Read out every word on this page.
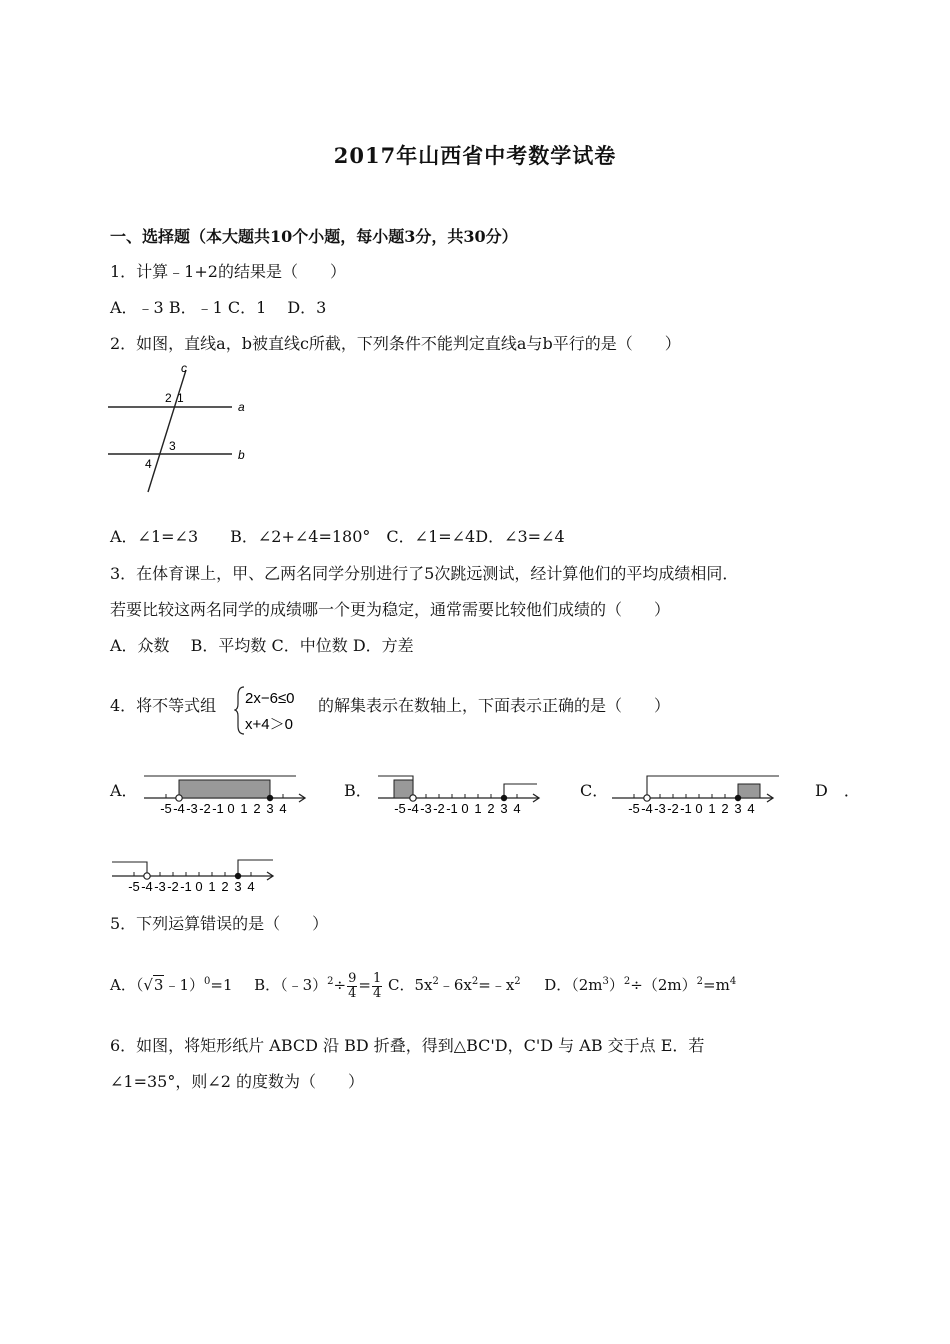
2017年山西省中考数学试卷
一、选择题（本大题共10个小题，每小题3分，共30分）
1．计算﹣1+2的结果是（　　）
A．﹣3 B．﹣1 C．1　 D．3
2．如图，直线a，b被直线c所截，下列条件不能判定直线a与b平行的是（　　）
c
a
b
2 1
3
4
A．∠1=∠3　　B．∠2+∠4=180°　C．∠1=∠4D．∠3=∠4
3．在体育课上，甲、乙两名同学分别进行了5次跳远测试，经计算他们的平均成绩相同．
若要比较这两名同学的成绩哪一个更为稳定，通常需要比较他们成绩的（　　）
A．众数　 B．平均数 C．中位数 D．方差
4．将不等式组 2x−6≤0
x+4＞0
的解集表示在数轴上，下面表示正确的是（　　）
A．	B．	C．	D　．
-5 -4 -3 -2 -1 0 1 2 3 4	-5 -4 -3 -2 -1 0 1 2 3 4	-5 -4 -3 -2 -1 0 1 2 3 4
-5 -4 -3 -2 -1 0 1 2 3 4
5．下列运算错误的是（　　）
A．（√3﹣1）$^0$=1 B．（﹣3）$^2$÷ $\frac{9}{4} = \frac{1}{4}$ C．$5x^2﹣6x^2=﹣x^2$ D．$(2m^3)^2\div(2m)^2=m^4$
6．如图，将矩形纸片 ABCD 沿 BD 折叠，得到△BC'D，C'D 与 AB 交于点 E．若
∠1=35°，则∠2 的度数为（　　）
